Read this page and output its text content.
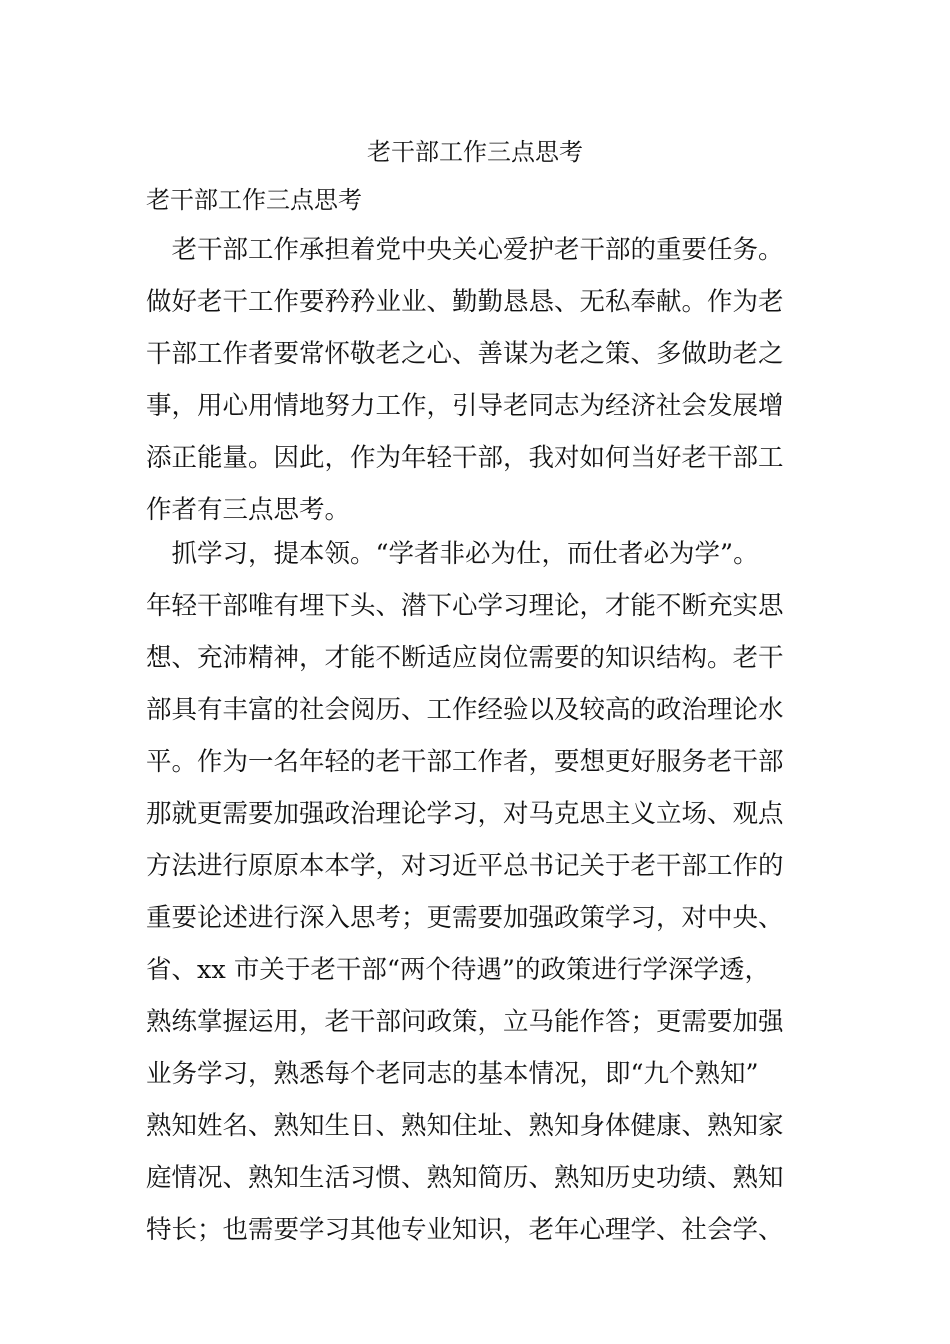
老干部工作三点思考
老干部工作三点思考
　老干部工作承担着党中央关心爱护老干部的重要任务。
做好老干工作要矜矜业业、勤勤恳恳、无私奉献。作为老
干部工作者要常怀敬老之心、善谋为老之策、多做助老之
事，用心用情地努力工作，引导老同志为经济社会发展增
添正能量。因此，作为年轻干部，我对如何当好老干部工
作者有三点思考。
　抓学习，提本领。“学者非必为仕，而仕者必为学”。
年轻干部唯有埋下头、潜下心学习理论，才能不断充实思
想、充沛精神，才能不断适应岗位需要的知识结构。老干
部具有丰富的社会阅历、工作经验以及较高的政治理论水
平。作为一名年轻的老干部工作者，要想更好服务老干部
那就更需要加强政治理论学习，对马克思主义立场、观点
方法进行原原本本学，对习近平总书记关于老干部工作的
重要论述进行深入思考；更需要加强政策学习，对中央、
省、xx 市关于老干部“两个待遇”的政策进行学深学透，
熟练掌握运用，老干部问政策，立马能作答；更需要加强
业务学习，熟悉每个老同志的基本情况，即“九个熟知”
熟知姓名、熟知生日、熟知住址、熟知身体健康、熟知家
庭情况、熟知生活习惯、熟知简历、熟知历史功绩、熟知
特长；也需要学习其他专业知识，老年心理学、社会学、
